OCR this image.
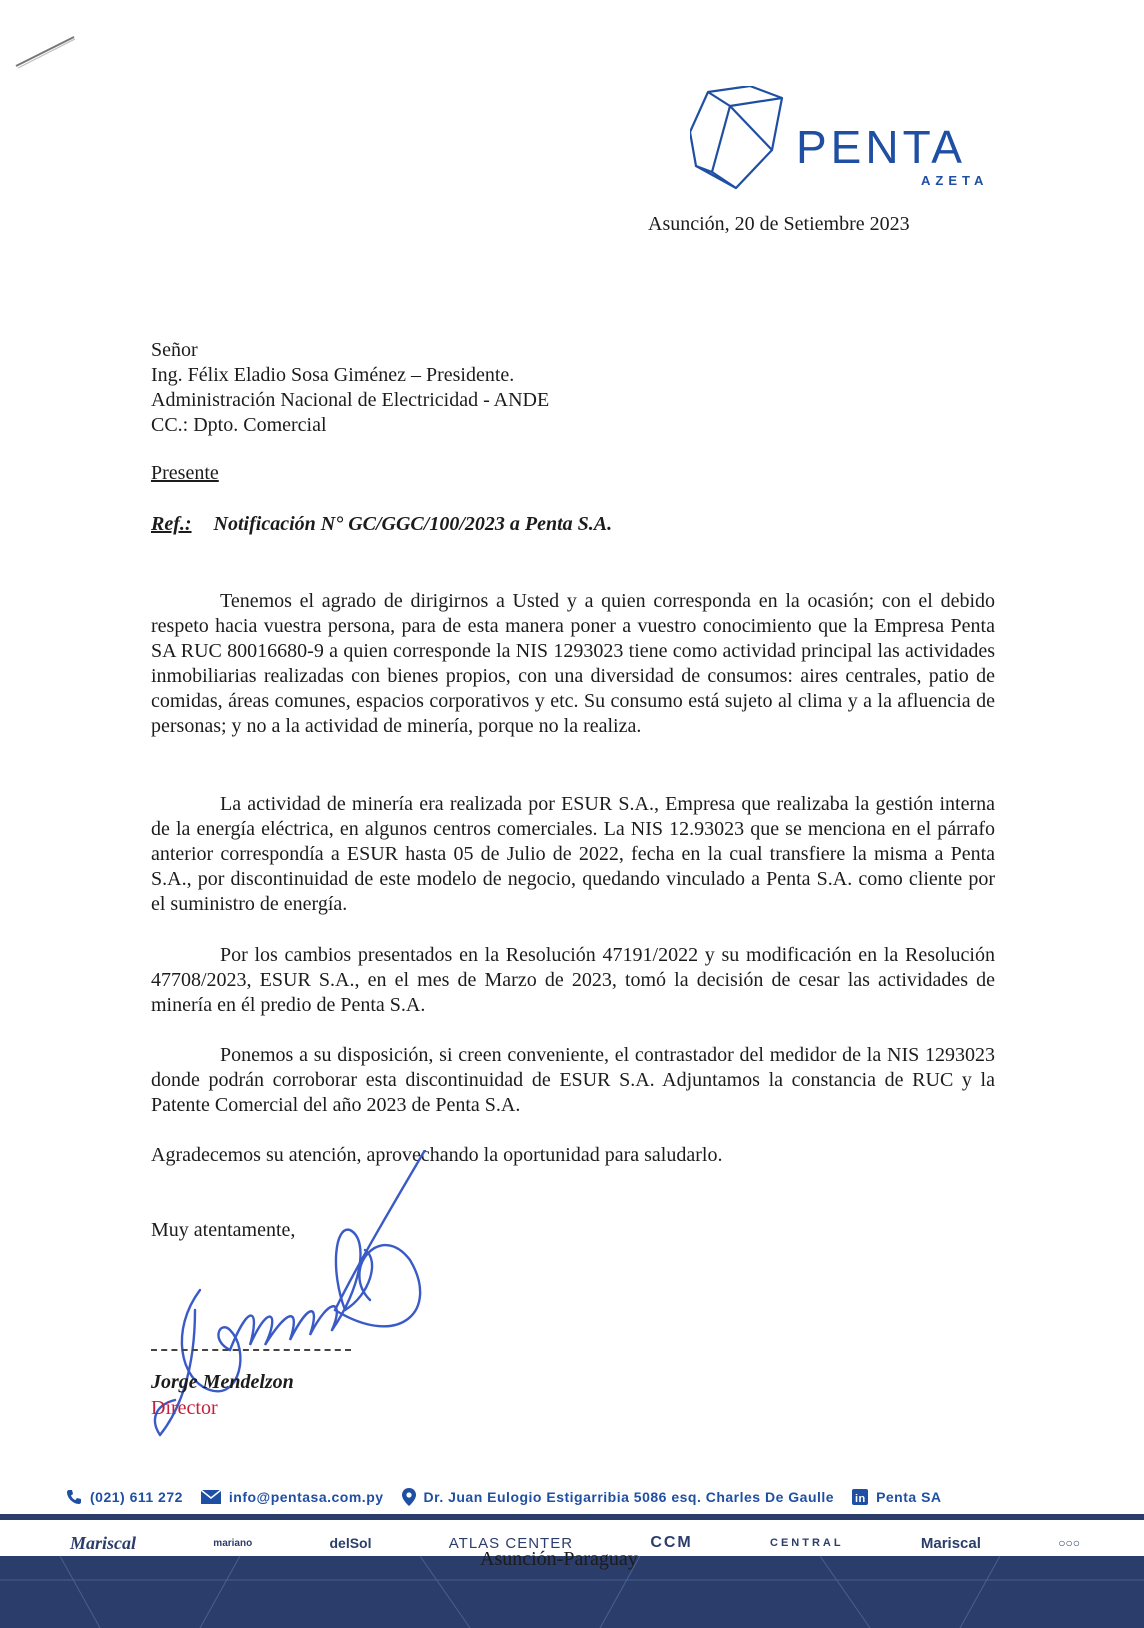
PENTA
AZETA
Asunción, 20 de Setiembre 2023
Señor
Ing. Félix Eladio Sosa Giménez – Presidente.
Administración Nacional de Electricidad - ANDE
CC.: Dpto. Comercial
Presente
Ref.: Notificación N° GC/GGC/100/2023 a Penta S.A.

Tenemos el agrado de dirigirnos a Usted y a quien corresponda en la ocasión; con el debido respeto hacia vuestra persona, para de esta manera poner a vuestro conocimiento que la Empresa Penta SA RUC 80016680-9 a quien corresponde la NIS 1293023 tiene como actividad principal las actividades inmobiliarias realizadas con bienes propios, con una diversidad de consumos: aires centrales, patio de comidas, áreas comunes, espacios corporativos y etc. Su consumo está sujeto al clima y a la afluencia de personas; y no a la actividad de minería, porque no la realiza.

La actividad de minería era realizada por ESUR S.A., Empresa que realizaba la gestión interna de la energía eléctrica, en algunos centros comerciales. La NIS 12.93023 que se menciona en el párrafo anterior correspondía a ESUR hasta 05 de Julio de 2022, fecha en la cual transfiere la misma a Penta S.A., por discontinuidad de este modelo de negocio, quedando vinculado a Penta S.A. como cliente por el suministro de energía.

Por los cambios presentados en la Resolución 47191/2022 y su modificación en la Resolución 47708/2023, ESUR S.A., en el mes de Marzo de 2023, tomó la decisión de cesar las actividades de minería en él predio de Penta S.A.

Ponemos a su disposición, si creen conveniente, el contrastador del medidor de la NIS 1293023 donde podrán corroborar esta discontinuidad de ESUR S.A. Adjuntamos la constancia de RUC y la Patente Comercial del año 2023 de Penta S.A.

Agradecemos su atención, aprovechando la oportunidad para saludarlo.
Muy atentamente,
Jorge Mendelzon
Director
(021) 611 272	info@pentasa.com.py	Dr. Juan Eulogio Estigarribia 5086 esq. Charles De Gaulle in Penta SA
Mariscal	mariano	delSol	ATLAS CENTER	CCM	CENTRAL	Mariscal	○○○
Asunción-Paraguay
